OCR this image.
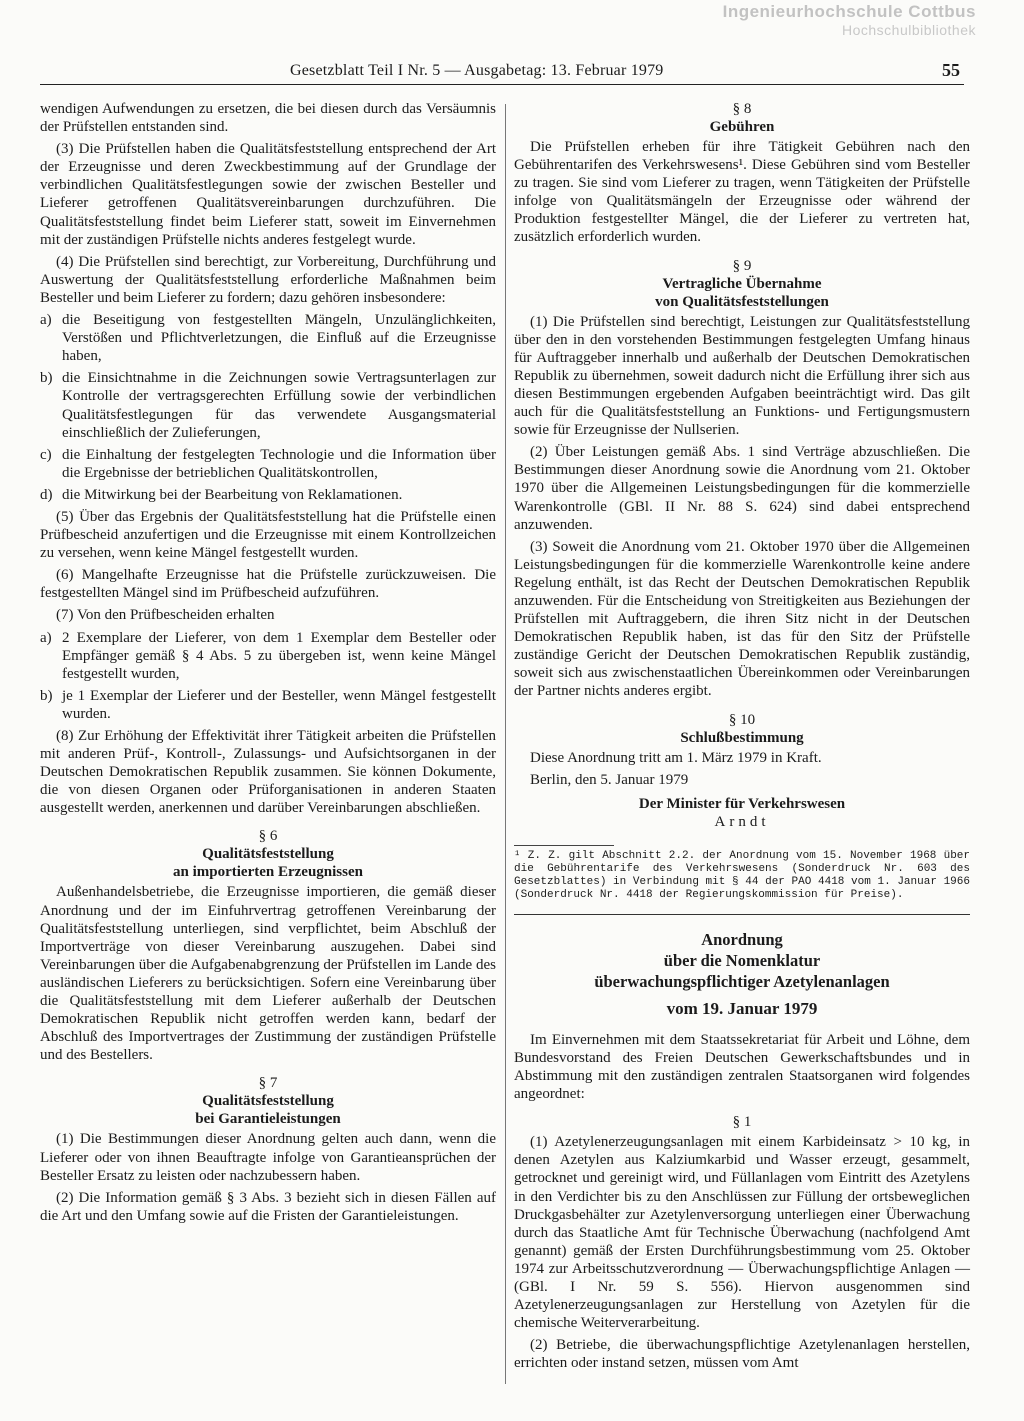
Ingenieurhochschule Cottbus
Hochschulbibliothek
Gesetzblatt Teil I Nr. 5 — Ausgabetag: 13. Februar 1979	55

wendigen Aufwendungen zu ersetzen, die bei diesen durch das Versäumnis der Prüfstellen entstanden sind.

(3) Die Prüfstellen haben die Qualitätsfeststellung entsprechend der Art der Erzeugnisse und deren Zweckbestimmung auf der Grundlage der verbindlichen Qualitätsfestlegungen sowie der zwischen Besteller und Lieferer getroffenen Qualitätsvereinbarungen durchzuführen. Die Qualitätsfeststellung findet beim Lieferer statt, soweit im Einvernehmen mit der zuständigen Prüfstelle nichts anderes festgelegt wurde.

(4) Die Prüfstellen sind berechtigt, zur Vorbereitung, Durchführung und Auswertung der Qualitätsfeststellung erforderliche Maßnahmen beim Besteller und beim Lieferer zu fordern; dazu gehören insbesondere:

a) die Beseitigung von festgestellten Mängeln, Unzulänglichkeiten, Verstößen und Pflichtverletzungen, die Einfluß auf die Erzeugnisse haben,
b) die Einsichtnahme in die Zeichnungen sowie Vertragsunterlagen zur Kontrolle der vertragsgerechten Erfüllung sowie der verbindlichen Qualitätsfestlegungen für das verwendete Ausgangsmaterial einschließlich der Zulieferungen,
c) die Einhaltung der festgelegten Technologie und die Information über die Ergebnisse der betrieblichen Qualitätskontrollen,
d) die Mitwirkung bei der Bearbeitung von Reklamationen.

(5) Über das Ergebnis der Qualitätsfeststellung hat die Prüfstelle einen Prüfbescheid anzufertigen und die Erzeugnisse mit einem Kontrollzeichen zu versehen, wenn keine Mängel festgestellt wurden.

(6) Mangelhafte Erzeugnisse hat die Prüfstelle zurückzuweisen. Die festgestellten Mängel sind im Prüfbescheid aufzuführen.

(7) Von den Prüfbescheiden erhalten

a) 2 Exemplare der Lieferer, von dem 1 Exemplar dem Besteller oder Empfänger gemäß § 4 Abs. 5 zu übergeben ist, wenn keine Mängel festgestellt wurden,
b) je 1 Exemplar der Lieferer und der Besteller, wenn Mängel festgestellt wurden.

(8) Zur Erhöhung der Effektivität ihrer Tätigkeit arbeiten die Prüfstellen mit anderen Prüf-, Kontroll-, Zulassungs- und Aufsichtsorganen in der Deutschen Demokratischen Republik zusammen. Sie können Dokumente, die von diesen Organen oder Prüforganisationen in anderen Staaten ausgestellt werden, anerkennen und darüber Vereinbarungen abschließen.

§ 6
Qualitätsfeststellung
an importierten Erzeugnissen

Außenhandelsbetriebe, die Erzeugnisse importieren, die gemäß dieser Anordnung und der im Einfuhrvertrag getroffenen Vereinbarung der Qualitätsfeststellung unterliegen, sind verpflichtet, beim Abschluß der Importverträge von dieser Vereinbarung auszugehen. Dabei sind Vereinbarungen über die Aufgabenabgrenzung der Prüfstellen im Lande des ausländischen Lieferers zu berücksichtigen. Sofern eine Vereinbarung über die Qualitätsfeststellung mit dem Lieferer außerhalb der Deutschen Demokratischen Republik nicht getroffen werden kann, bedarf der Abschluß des Importvertrages der Zustimmung der zuständigen Prüfstelle und des Bestellers.

§ 7
Qualitätsfeststellung
bei Garantieleistungen

(1) Die Bestimmungen dieser Anordnung gelten auch dann, wenn die Lieferer oder von ihnen Beauftragte infolge von Garantieansprüchen der Besteller Ersatz zu leisten oder nachzubessern haben.

(2) Die Information gemäß § 3 Abs. 3 bezieht sich in diesen Fällen auf die Art und den Umfang sowie auf die Fristen der Garantieleistungen.

§ 8
Gebühren

Die Prüfstellen erheben für ihre Tätigkeit Gebühren nach den Gebührentarifen des Verkehrswesens¹. Diese Gebühren sind vom Besteller zu tragen. Sie sind vom Lieferer zu tragen, wenn Tätigkeiten der Prüfstelle infolge von Qualitätsmängeln der Erzeugnisse oder während der Produktion festgestellter Mängel, die der Lieferer zu vertreten hat, zusätzlich erforderlich wurden.

§ 9
Vertragliche Übernahme
von Qualitätsfeststellungen

(1) Die Prüfstellen sind berechtigt, Leistungen zur Qualitätsfeststellung über den in den vorstehenden Bestimmungen festgelegten Umfang hinaus für Auftraggeber innerhalb und außerhalb der Deutschen Demokratischen Republik zu übernehmen, soweit dadurch nicht die Erfüllung ihrer sich aus diesen Bestimmungen ergebenden Aufgaben beeinträchtigt wird. Das gilt auch für die Qualitätsfeststellung an Funktions- und Fertigungsmustern sowie für Erzeugnisse der Nullserien.

(2) Über Leistungen gemäß Abs. 1 sind Verträge abzuschließen. Die Bestimmungen dieser Anordnung sowie die Anordnung vom 21. Oktober 1970 über die Allgemeinen Leistungsbedingungen für die kommerzielle Warenkontrolle (GBl. II Nr. 88 S. 624) sind dabei entsprechend anzuwenden.

(3) Soweit die Anordnung vom 21. Oktober 1970 über die Allgemeinen Leistungsbedingungen für die kommerzielle Warenkontrolle keine andere Regelung enthält, ist das Recht der Deutschen Demokratischen Republik anzuwenden. Für die Entscheidung von Streitigkeiten aus Beziehungen der Prüfstellen mit Auftraggebern, die ihren Sitz nicht in der Deutschen Demokratischen Republik haben, ist das für den Sitz der Prüfstelle zuständige Gericht der Deutschen Demokratischen Republik zuständig, soweit sich aus zwischenstaatlichen Übereinkommen oder Vereinbarungen der Partner nichts anderes ergibt.

§ 10
Schlußbestimmung

Diese Anordnung tritt am 1. März 1979 in Kraft.

Berlin, den 5. Januar 1979
Der Minister für Verkehrswesen
Arndt
¹ Z. Z. gilt Abschnitt 2.2. der Anordnung vom 15. November 1968 über die Gebührentarife des Verkehrswesens (Sonderdruck Nr. 603 des Gesetzblattes) in Verbindung mit § 44 der PAO 4418 vom 1. Januar 1966 (Sonderdruck Nr. 4418 der Regierungskommission für Preise).
Anordnung
über die Nomenklatur
überwachungspflichtiger Azetylenanlagen
vom 19. Januar 1979

Im Einvernehmen mit dem Staatssekretariat für Arbeit und Löhne, dem Bundesvorstand des Freien Deutschen Gewerkschaftsbundes und in Abstimmung mit den zuständigen zentralen Staatsorganen wird folgendes angeordnet:

§ 1

(1) Azetylenerzeugungsanlagen mit einem Karbideinsatz > 10 kg, in denen Azetylen aus Kalziumkarbid und Wasser erzeugt, gesammelt, getrocknet und gereinigt wird, und Füllanlagen vom Eintritt des Azetylens in den Verdichter bis zu den Anschlüssen zur Füllung der ortsbeweglichen Druckgasbehälter zur Azetylenversorgung unterliegen einer Überwachung durch das Staatliche Amt für Technische Überwachung (nachfolgend Amt genannt) gemäß der Ersten Durchführungsbestimmung vom 25. Oktober 1974 zur Arbeitsschutzverordnung — Überwachungspflichtige Anlagen — (GBl. I Nr. 59 S. 556). Hiervon ausgenommen sind Azetylenerzeugungsanlagen zur Herstellung von Azetylen für die chemische Weiterverarbeitung.

(2) Betriebe, die überwachungspflichtige Azetylenanlagen herstellen, errichten oder instand setzen, müssen vom Amt
